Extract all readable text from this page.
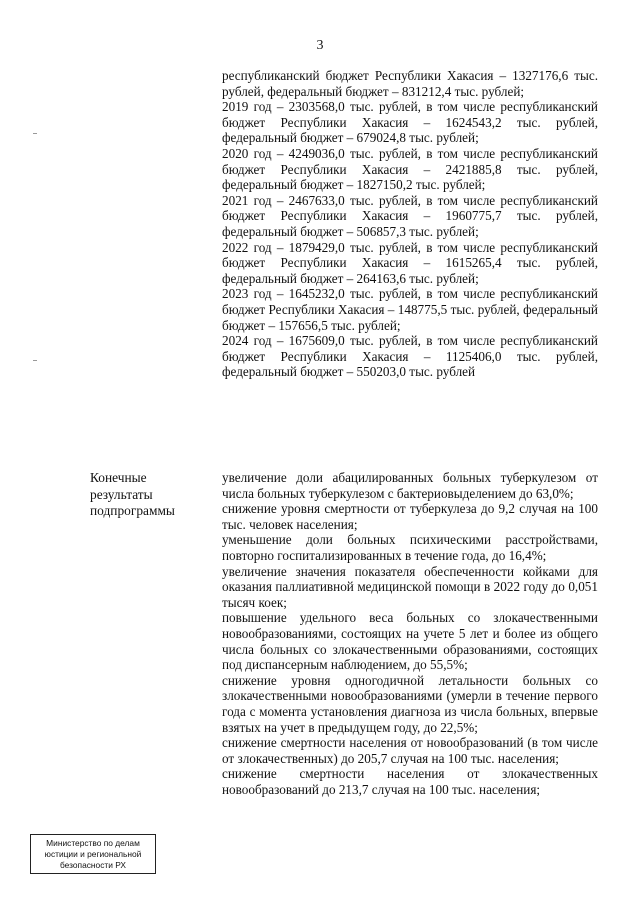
3

республиканский бюджет Республики Хакасия – 1327176,6 тыс. рублей, федеральный бюджет – 831212,4 тыс. рублей;

2019 год – 2303568,0 тыс. рублей, в том числе республиканский бюджет Республики Хакасия – 1624543,2 тыс. рублей, федеральный бюджет – 679024,8 тыс. рублей;

2020 год – 4249036,0 тыс. рублей, в том числе республиканский бюджет Республики Хакасия – 2421885,8 тыс. рублей, федеральный бюджет – 1827150,2 тыс. рублей;

2021 год – 2467633,0 тыс. рублей, в том числе республиканский бюджет Республики Хакасия – 1960775,7 тыс. рублей, федеральный бюджет – 506857,3 тыс. рублей;

2022 год – 1879429,0 тыс. рублей, в том числе республиканский бюджет Республики Хакасия – 1615265,4 тыс. рублей, федеральный бюджет – 264163,6 тыс. рублей;

2023 год – 1645232,0 тыс. рублей, в том числе республиканский бюджет Республики Хакасия – 148775,5 тыс. рублей, федеральный бюджет – 157656,5 тыс. рублей;

2024 год – 1675609,0 тыс. рублей, в том числе республиканский бюджет Республики Хакасия – 1125406,0 тыс. рублей, федеральный бюджет – 550203,0 тыс. рублей

Конечные
результаты
подпрограммы

увеличение доли абацилированных больных туберкулезом от числа больных туберкулезом с бактериовыделением до 63,0%;

снижение уровня смертности от туберкулеза до 9,2 случая на 100 тыс. человек населения;

уменьшение доли больных психическими расстройствами, повторно госпитализированных в течение года, до 16,4%;

увеличение значения показателя обеспеченности койками для оказания паллиативной медицинской помощи в 2022 году до 0,051 тысяч коек;

повышение удельного веса больных со злокачественными новообразованиями, состоящих на учете 5 лет и более из общего числа больных со злокачественными образованиями, состоящих под диспансерным наблюдением, до 55,5%;

снижение уровня одногодичной летальности больных со злокачественными новообразованиями (умерли в течение первого года с момента установления диагноза из числа больных, впервые взятых на учет в предыдущем году, до 22,5%;

снижение смертности населения от новообразований (в том числе от злокачественных) до 205,7 случая на 100 тыс. населения;

снижение смертности населения от злокачественных новообразований до 213,7 случая на 100 тыс. населения;

Министерство по делам
юстиции и региональной
безопасности РХ
